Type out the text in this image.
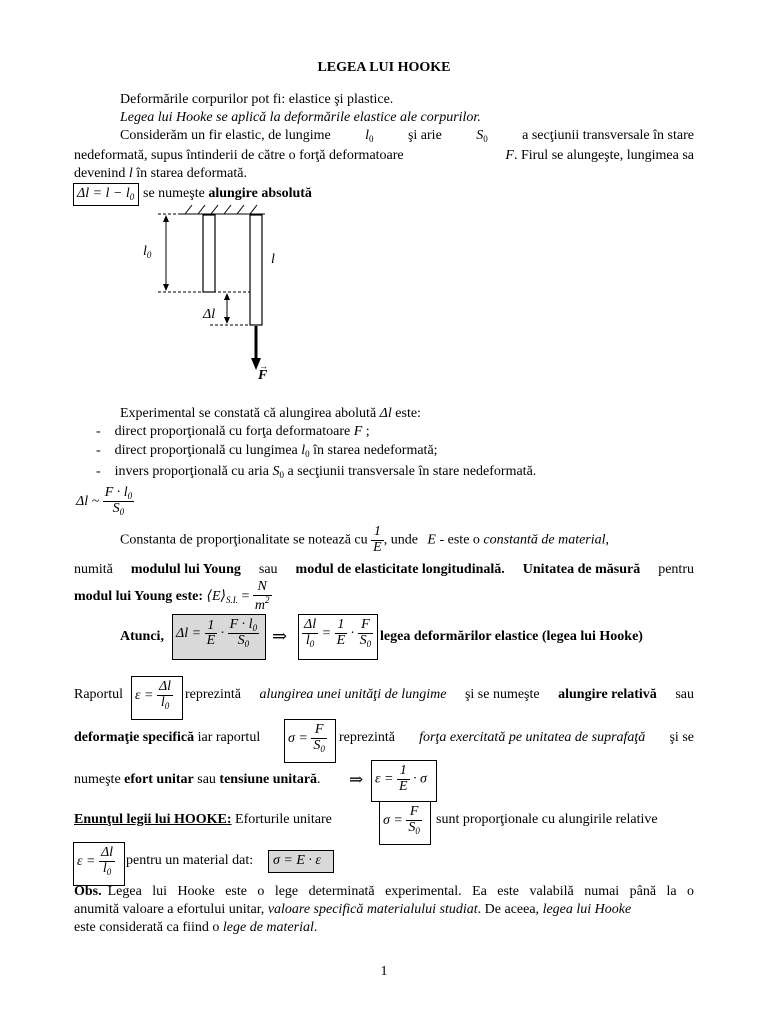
LEGEA LUI HOOKE
Deformările corpurilor pot fi: elastice şi plastice.
Legea lui Hooke se aplică la deformările elastice ale corpurilor.
Considerăm un fir elastic, de lungime $l_0$ şi arie $S_0$ a secţiunii transversale în stare
nedeformată, supus întinderii de către o forţă deformatoare	F. Firul se alungeşte, lungimea sa
devenind l în starea deformată.
$\Delta l = l - l_0$ se numeşte alungire absolută
$l_0$	l
Δl
→
F
Experimental se constată că alungirea abolută Δl este:
- direct proporţională cu forţa deformatoare F ;
- direct proporţională cu lungimea $l_0$ în starea nedeformată;
- invers proporţională cu aria $S_0$ a secţiunii transversale în stare nedeformată.
Δl ~ $\frac{F \cdot l_0}{S_0}$
Constanta de proporţionalitate se notează cu $\frac{1}{E}$ , unde E - este o constantă de material,
numită modulul lui Young sau modul de elasticitate longitudinală. Unitatea de măsură pentru
modul lui Young este: $⟨E⟩_{S.I.} = \frac{N}{m^2}$
Atunci, $\Delta l = \frac{1}{E} \cdot \frac{F \cdot l_0}{S_0}$ ⇒ $\frac{\Delta l}{l_0} = \frac{1}{E} \cdot \frac{F}{S_0}$ legea deformărilor elastice (legea lui Hooke)
Raportul $\varepsilon = \frac{\Delta l}{l_0}$ reprezintă alungirea unei unităţi de lungime şi se numeşte alungire relativă sau
deformaţie specifică iar raportul $\sigma = \frac{F}{S_0}$ reprezintă forţa exercitată pe unitatea de suprafaţă şi se
numeşte efort unitar sau tensiune unitară. ⇒ $\varepsilon = \frac{1}{E} \cdot \sigma$
Enunţul legii lui HOOKE: Eforturile unitare	$\sigma = \frac{F}{S_0}$ sunt proporţionale cu alungirile relative
$\varepsilon = \frac{\Delta l}{l_0}$ pentru un material dat: σ = E · ε
Obs. Legea lui Hooke este o lege determinată experimental. Ea este valabilă numai până la o
anumită valoare a efortului unitar, valoare specifică materialului studiat. De aceea, legea lui Hooke
este considerată ca fiind o lege de material.
1
